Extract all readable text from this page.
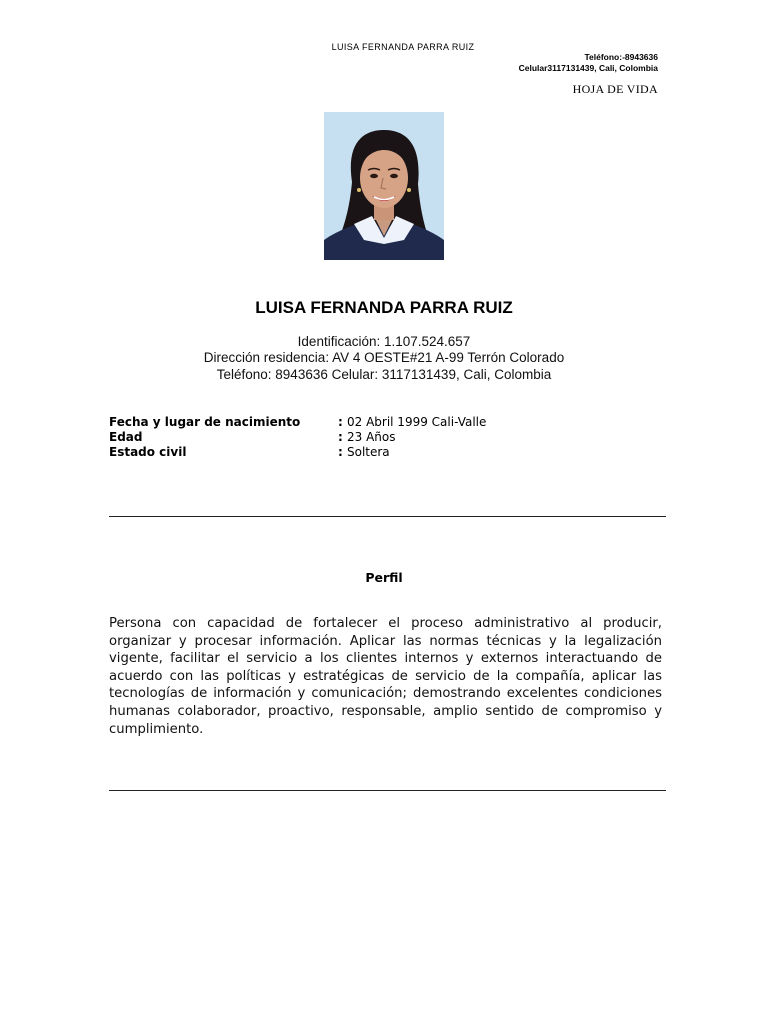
LUISA FERNANDA PARRA RUIZ
Teléfono:-8943636
Celular3117131439, Cali, Colombia
HOJA DE VIDA
LUISA FERNANDA PARRA RUIZ
Identificación: 1.107.524.657
Dirección residencia: AV 4 OESTE#21 A-99 Terrón Colorado
Teléfono: 8943636 Celular: 3117131439, Cali, Colombia
Fecha y lugar de nacimiento	: 02 Abril 1999 Cali-Valle
Edad	: 23 Años
Estado civil	: Soltera
Perfil
Persona con capacidad de fortalecer el proceso administrativo al producir, organizar y procesar información. Aplicar las normas técnicas y la legalización vigente, facilitar el servicio a los clientes internos y externos interactuando de acuerdo con las políticas y estratégicas de servicio de la compañía, aplicar las tecnologías de información y comunicación; demostrando excelentes condiciones humanas colaborador, proactivo, responsable, amplio sentido de compromiso y cumplimiento.
